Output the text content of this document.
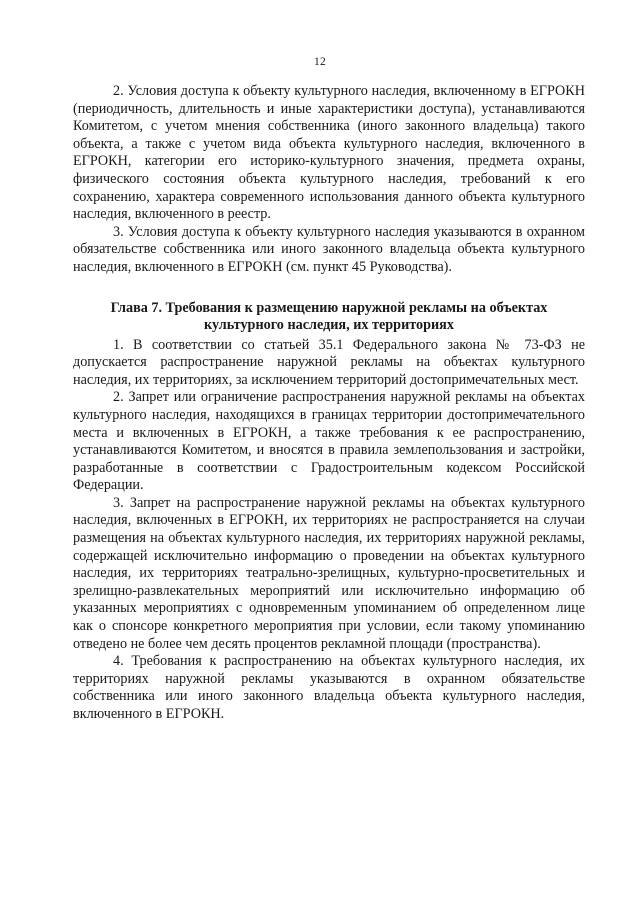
12

2. Условия доступа к объекту культурного наследия, включенному в ЕГРОКН (периодичность, длительность и иные характеристики доступа), устанавливаются Комитетом, с учетом мнения собственника (иного законного владельца) такого объекта, а также с учетом вида объекта культурного наследия, включенного в ЕГРОКН, категории его историко-культурного значения, предмета охраны, физического состояния объекта культурного наследия, требований к его сохранению, характера современного использования данного объекта культурного наследия, включенного в реестр.

3. Условия доступа к объекту культурного наследия указываются в охранном обязательстве собственника или иного законного владельца объекта культурного наследия, включенного в ЕГРОКН (см. пункт 45 Руководства).

Глава 7. Требования к размещению наружной рекламы на объектах

культурного наследия, их территориях

1. В соответствии со статьей 35.1 Федерального закона № 73-ФЗ не допускается распространение наружной рекламы на объектах культурного наследия, их территориях, за исключением территорий достопримечательных мест.

2. Запрет или ограничение распространения наружной рекламы на объектах культурного наследия, находящихся в границах территории достопримечательного места и включенных в ЕГРОКН, а также требования к ее распространению, устанавливаются Комитетом, и вносятся в правила землепользования и застройки, разработанные в соответствии с Градостроительным кодексом Российской Федерации.

3. Запрет на распространение наружной рекламы на объектах культурного наследия, включенных в ЕГРОКН, их территориях не распространяется на случаи размещения на объектах культурного наследия, их территориях наружной рекламы, содержащей исключительно информацию о проведении на объектах культурного наследия, их территориях театрально-зрелищных, культурно-просветительных и зрелищно-развлекательных мероприятий или исключительно информацию об указанных мероприятиях с одновременным упоминанием об определенном лице как о спонсоре конкретного мероприятия при условии, если такому упоминанию отведено не более чем десять процентов рекламной площади (пространства).

4. Требования к распространению на объектах культурного наследия, их территориях наружной рекламы указываются в охранном обязательстве собственника или иного законного владельца объекта культурного наследия, включенного в ЕГРОКН.
